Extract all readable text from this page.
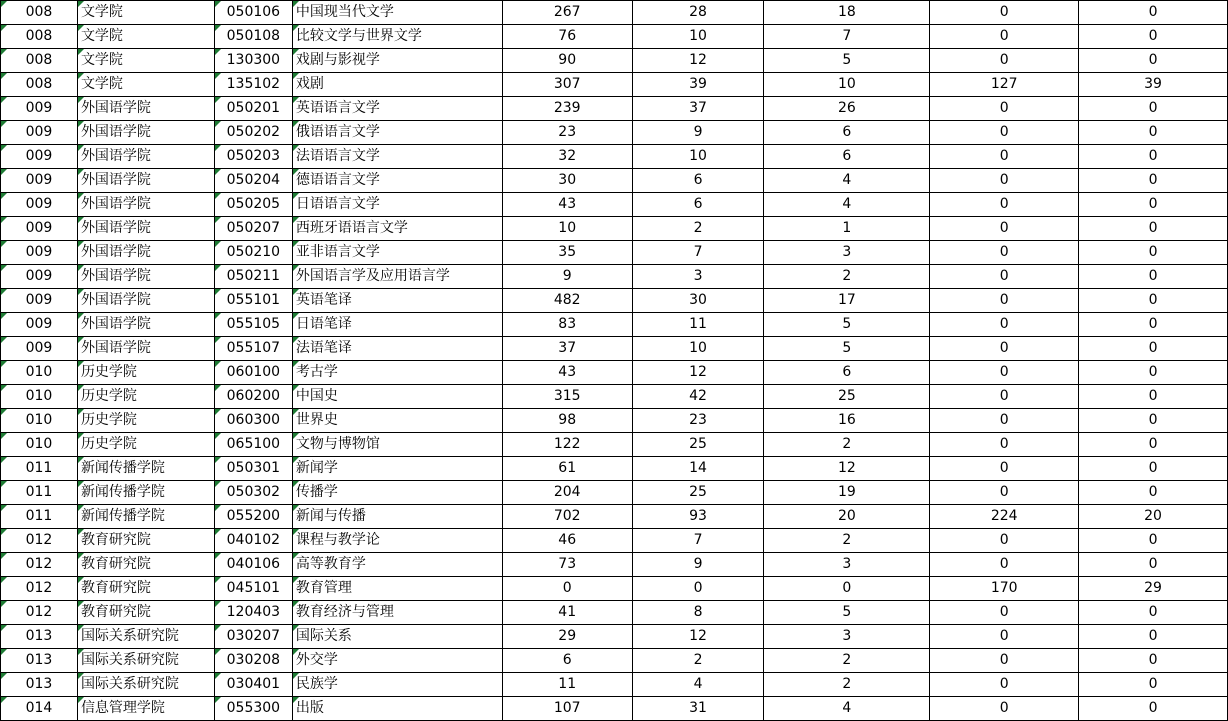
008	文学院	050106	中国现当代文学	267	28	18	0	0
008	文学院	050108	比较文学与世界文学	76	10	7	0	0
008	文学院	130300	戏剧与影视学	90	12	5	0	0
008	文学院	135102	戏剧	307	39	10	127	39
009	外国语学院	050201	英语语言文学	239	37	26	0	0
009	外国语学院	050202	俄语语言文学	23	9	6	0	0
009	外国语学院	050203	法语语言文学	32	10	6	0	0
009	外国语学院	050204	德语语言文学	30	6	4	0	0
009	外国语学院	050205	日语语言文学	43	6	4	0	0
009	外国语学院	050207	西班牙语语言文学	10	2	1	0	0
009	外国语学院	050210	亚非语言文学	35	7	3	0	0
009	外国语学院	050211	外国语言学及应用语言学	9	3	2	0	0
009	外国语学院	055101	英语笔译	482	30	17	0	0
009	外国语学院	055105	日语笔译	83	11	5	0	0
009	外国语学院	055107	法语笔译	37	10	5	0	0
010	历史学院	060100	考古学	43	12	6	0	0
010	历史学院	060200	中国史	315	42	25	0	0
010	历史学院	060300	世界史	98	23	16	0	0
010	历史学院	065100	文物与博物馆	122	25	2	0	0
011	新闻传播学院	050301	新闻学	61	14	12	0	0
011	新闻传播学院	050302	传播学	204	25	19	0	0
011	新闻传播学院	055200	新闻与传播	702	93	20	224	20
012	教育研究院	040102	课程与教学论	46	7	2	0	0
012	教育研究院	040106	高等教育学	73	9	3	0	0
012	教育研究院	045101	教育管理	0	0	0	170	29
012	教育研究院	120403	教育经济与管理	41	8	5	0	0
013	国际关系研究院	030207	国际关系	29	12	3	0	0
013	国际关系研究院	030208	外交学	6	2	2	0	0
013	国际关系研究院	030401	民族学	11	4	2	0	0
014	信息管理学院	055300	出版	107	31	4	0	0
